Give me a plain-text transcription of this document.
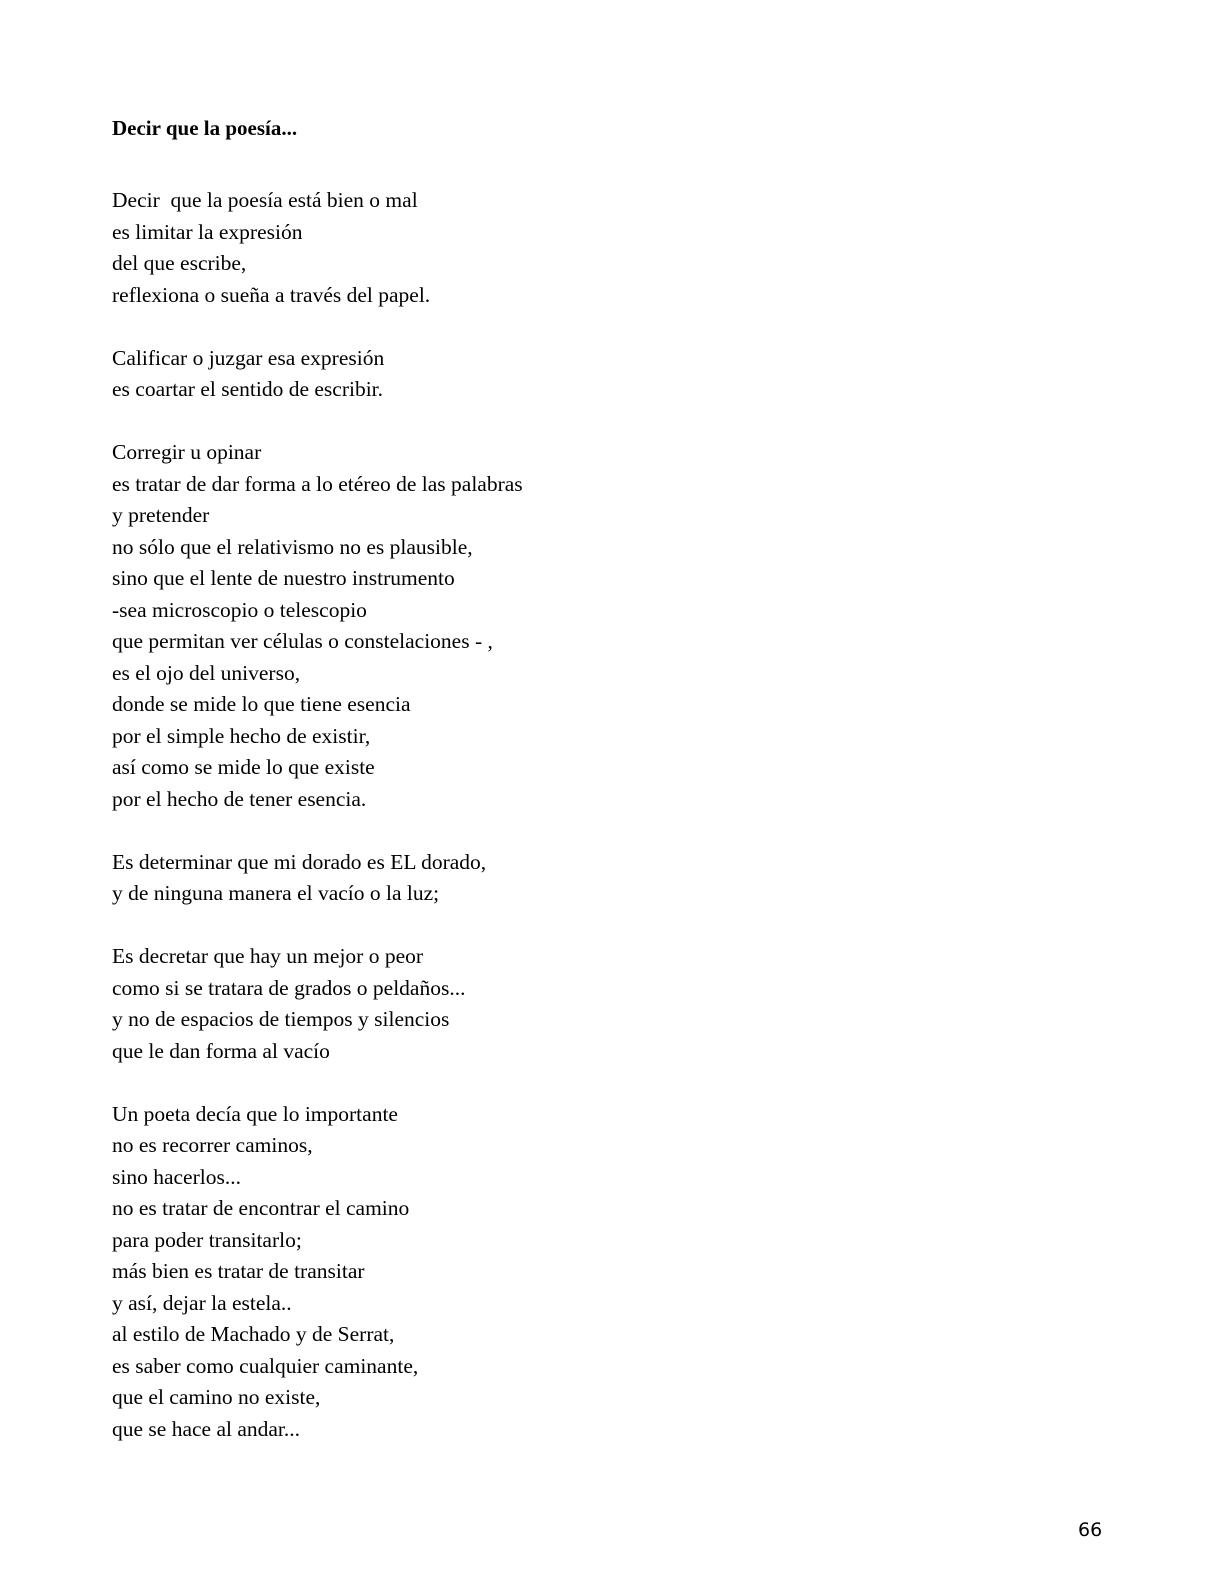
Decir que la poesía...
Decir  que la poesía está bien o mal
es limitar la expresión
del que escribe,
reflexiona o sueña a través del papel.
Calificar o juzgar esa expresión
es coartar el sentido de escribir.
Corregir u opinar
es tratar de dar forma a lo etéreo de las palabras
y pretender
no sólo que el relativismo no es plausible,
sino que el lente de nuestro instrumento
-sea microscopio o telescopio
que permitan ver células o constelaciones - ,
es el ojo del universo,
donde se mide lo que tiene esencia
por el simple hecho de existir,
así como se mide lo que existe
por el hecho de tener esencia.
Es determinar que mi dorado es EL dorado,
y de ninguna manera el vacío o la luz;
Es decretar que hay un mejor o peor
como si se tratara de grados o peldaños...
y no de espacios de tiempos y silencios
que le dan forma al vacío
Un poeta decía que lo importante
no es recorrer caminos,
sino hacerlos...
no es tratar de encontrar el camino
para poder transitarlo;
más bien es tratar de transitar
y así, dejar la estela..
al estilo de Machado y de Serrat,
es saber como cualquier caminante,
que el camino no existe,
que se hace al andar...
66
